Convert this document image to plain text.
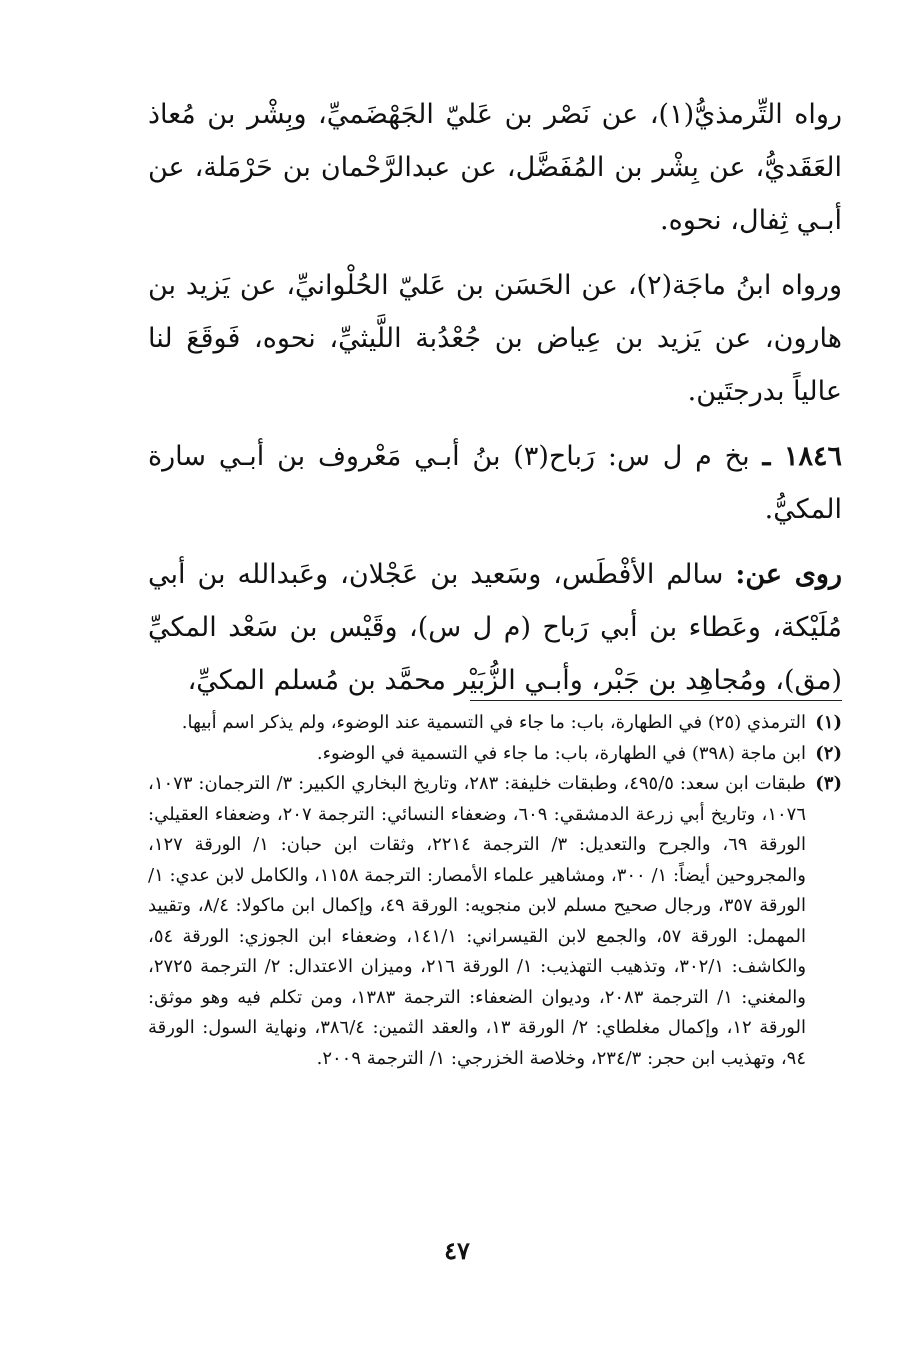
رواه التِّرمذيُّ(١)، عن نَصْر بن عَليّ الجَهْضَميِّ، وبِشْر بن مُعاذ العَقَديُّ، عن بِشْر بن المُفَضَّل، عن عبدالرَّحْمان بن حَرْمَلة، عن أبـي ثِفال، نحوه.

ورواه ابنُ ماجَة(٢)، عن الحَسَن بن عَليّ الحُلْوانيِّ، عن يَزيد بن هارون، عن يَزيد بن عِياض بن جُعْدُبة اللَّيثيِّ، نحوه، فَوقَعَ لنا عالياً بدرجتَين.

١٨٤٦ ـ بخ م ل س: رَباح(٣) بنُ أبـي مَعْروف بن أبـي سارة المكيُّ.

روى عن: سالم الأفْطَس، وسَعيد بن عَجْلان، وعَبدالله بن أبي مُلَيْكة، وعَطاء بن أبي رَباح (م ل س)، وقَيْس بن سَعْد المكيِّ (مق)، ومُجاهِد بن جَبْر، وأبـي الزُّبَيْر محمَّد بن مُسلم المكيِّ،

(١)
الترمذي (٢٥) في الطهارة، باب: ما جاء في التسمية عند الوضوء، ولم يذكر اسم أبيها.
(٢)
ابن ماجة (٣٩٨) في الطهارة، باب: ما جاء في التسمية في الوضوء.
(٣)
طبقات ابن سعد: ٤٩٥/٥، وطبقات خليفة: ٢٨٣، وتاريخ البخاري الكبير: ٣/ الترجمان: ١٠٧٣، ١٠٧٦، وتاريخ أبي زرعة الدمشقي: ٦٠٩، وضعفاء النسائي: الترجمة ٢٠٧، وضعفاء العقيلي: الورقة ٦٩، والجرح والتعديل: ٣/ الترجمة ٢٢١٤، وثقات ابن حبان: ١/ الورقة ١٢٧، والمجروحين أيضاً: ١/ ٣٠٠، ومشاهير علماء الأمصار: الترجمة ١١٥٨، والكامل لابن عدي: ١/ الورقة ٣٥٧، ورجال صحيح مسلم لابن منجويه: الورقة ٤٩، وإكمال ابن ماكولا: ٨/٤، وتقييد المهمل: الورقة ٥٧، والجمع لابن القيسراني: ١٤١/١، وضعفاء ابن الجوزي: الورقة ٥٤، والكاشف: ٣٠٢/١، وتذهيب التهذيب: ١/ الورقة ٢١٦، وميزان الاعتدال: ٢/ الترجمة ٢٧٢٥، والمغني: ١/ الترجمة ٢٠٨٣، وديوان الضعفاء: الترجمة ١٣٨٣، ومن تكلم فيه وهو موثق: الورقة ١٢، وإكمال مغلطاي: ٢/ الورقة ١٣، والعقد الثمين: ٣٨٦/٤، ونهاية السول: الورقة ٩٤، وتهذيب ابن حجر: ٢٣٤/٣، وخلاصة الخزرجي: ١/ الترجمة ٢٠٠٩.
٤٧
